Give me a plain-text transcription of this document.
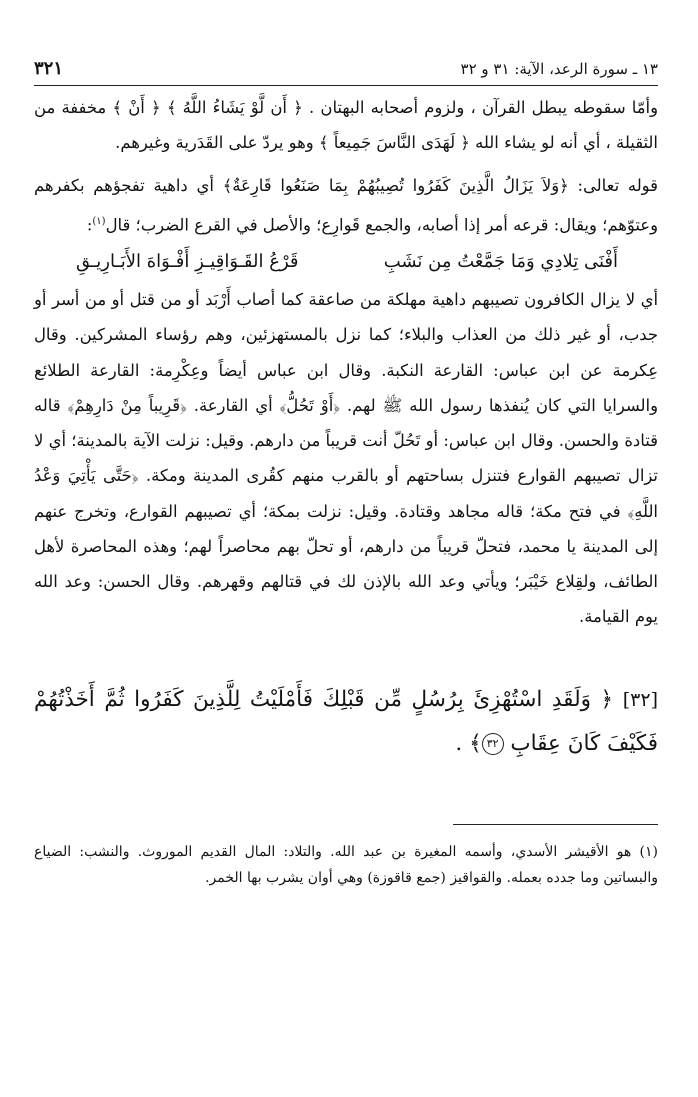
١٣ ـ سورة الرعد، الآية: ٣١ و ٣٢
٣٢١

وأمّا سقوطه يبطل القرآن ، ولزوم أصحابه البهتان . ﴿ أَن لَّوْ يَشَاءُ اللَّهُ ﴾ ﴿ أَنْ ﴾ مخففة من الثقيلة ، أي أنه لو يشاء الله ﴿ لَهَدَى النَّاسَ جَمِيعاً ﴾ وهو يردّ على القَدَرية وغيرهم.

قوله تعالى: ﴿وَلاَ يَزَالُ الَّذِينَ كَفَرُوا تُصِيبُهُمْ بِمَا صَنَعُوا قَارِعَةٌ﴾ أي داهية تفجؤهم بكفرهم وعتوّهم؛ ويقال: قرعه أمر إذا أصابه، والجمع قَوارِع؛ والأصل في القرع الضرب؛ قال$^{(١)}$:

أَفْنَى تِلادِي وَمَا جَمَّعْتُ مِن نَشَبِ
قَرْعُ القَـوَاقِيـزِ أَفْـوَاهَ الأَبَـارِيـقِ

أي لا يزال الكافرون تصيبهم داهية مهلكة من صاعقة كما أصاب أَرْبَد أو من قتل أو من أسر أو جدب، أو غير ذلك من العذاب والبلاء؛ كما نزل بالمستهزئين، وهم رؤساء المشركين. وقال عِكرمة عن ابن عباس: القارعة النكبة. وقال ابن عباس أيضاً وعِكْرِمة: القارعة الطلائع والسرايا التي كان يُنفذها رسول الله ﷺ لهم. ﴿أَوْ تَحُلُّ﴾ أي القارعة. ﴿قَرِيباً مِنْ دَارِهِمْ﴾ قاله قتادة والحسن. وقال ابن عباس: أو تَحُلّ أنت قريباً من دارهم. وقيل: نزلت الآية بالمدينة؛ أي لا تزال تصيبهم القوارع فتنزل بساحتهم أو بالقرب منهم كقُرى المدينة ومكة. ﴿حَتَّى يَأْتِيَ وَعْدُ اللَّهِ﴾ في فتح مكة؛ قاله مجاهد وقتادة. وقيل: نزلت بمكة؛ أي تصيبهم القوارع، وتخرج عنهم إلى المدينة يا محمد، فتحلّ قريباً من دارهم، أو تحلّ بهم محاصراً لهم؛ وهذه المحاصرة لأهل الطائف، ولقِلاع خَيْبَر؛ ويأتي وعد الله بالإذن لك في قتالهم وقهرهم. وقال الحسن: وعد الله يوم القيامة.

[٣٢] ﴿ وَلَقَدِ اسْتُهْزِئَ بِرُسُلٍ مِّن قَبْلِكَ فَأَمْلَيْتُ لِلَّذِينَ كَفَرُوا ثُمَّ أَخَذْتُهُمْ فَكَيْفَ كَانَ عِقَابِ ٣٢﴾ .
(١) هو الأقيشر الأسدي، وأسمه المغيرة بن عبد الله. والتلاد: المال القديم الموروث. والنشب: الضياع والبساتين وما جدده بعمله. والقواقيز (جمع قاقوزة) وهي أوان يشرب بها الخمر.
